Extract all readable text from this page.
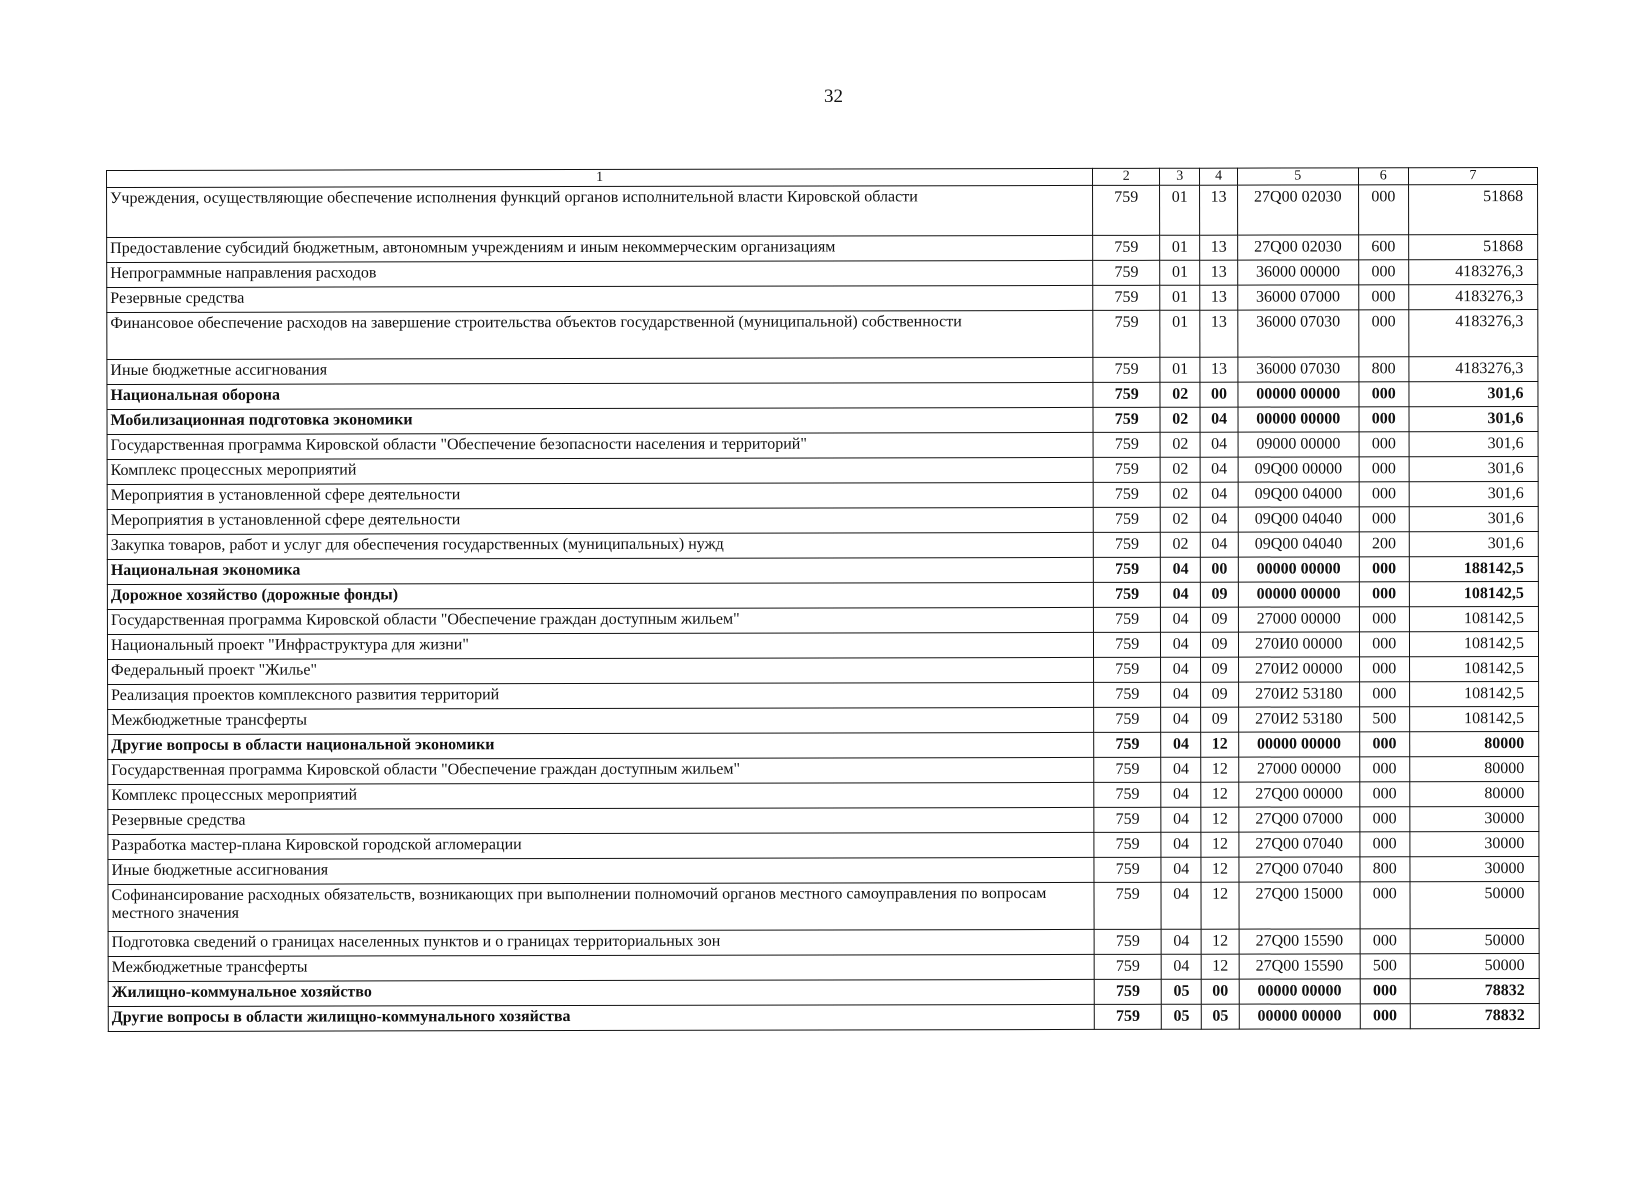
32
1	2	3	4	5	6	7
Учреждения, осуществляющие обеспечение исполнения функций органов исполнительной власти Кировской области	759	01	13	27Q00 02030	000	51868
Предоставление субсидий бюджетным, автономным учреждениям и иным некоммерческим организациям	759	01	13	27Q00 02030	600	51868
Непрограммные направления расходов	759	01	13	36000 00000	000	4183276,3
Резервные средства	759	01	13	36000 07000	000	4183276,3
Финансовое обеспечение расходов на завершение строительства объектов государственной (муниципальной) собственности	759	01	13	36000 07030	000	4183276,3
Иные бюджетные ассигнования	759	01	13	36000 07030	800	4183276,3
Национальная оборона	759	02	00	00000 00000	000	301,6
Мобилизационная подготовка экономики	759	02	04	00000 00000	000	301,6
Государственная программа Кировской области "Обеспечение безопасности населения и территорий"	759	02	04	09000 00000	000	301,6
Комплекс процессных мероприятий	759	02	04	09Q00 00000	000	301,6
Мероприятия в установленной сфере деятельности	759	02	04	09Q00 04000	000	301,6
Мероприятия в установленной сфере деятельности	759	02	04	09Q00 04040	000	301,6
Закупка товаров, работ и услуг для обеспечения государственных (муниципальных) нужд	759	02	04	09Q00 04040	200	301,6
Национальная экономика	759	04	00	00000 00000	000	188142,5
Дорожное хозяйство (дорожные фонды)	759	04	09	00000 00000	000	108142,5
Государственная программа Кировской области "Обеспечение граждан доступным жильем"	759	04	09	27000 00000	000	108142,5
Национальный проект "Инфраструктура для жизни"	759	04	09	270И0 00000	000	108142,5
Федеральный проект "Жилье"	759	04	09	270И2 00000	000	108142,5
Реализация проектов комплексного развития территорий	759	04	09	270И2 53180	000	108142,5
Межбюджетные трансферты	759	04	09	270И2 53180	500	108142,5
Другие вопросы в области национальной экономики	759	04	12	00000 00000	000	80000
Государственная программа Кировской области "Обеспечение граждан доступным жильем"	759	04	12	27000 00000	000	80000
Комплекс процессных мероприятий	759	04	12	27Q00 00000	000	80000
Резервные средства	759	04	12	27Q00 07000	000	30000
Разработка мастер-плана Кировской городской агломерации	759	04	12	27Q00 07040	000	30000
Иные бюджетные ассигнования	759	04	12	27Q00 07040	800	30000
Софинансирование расходных обязательств, возникающих при выполнении полномочий органов местного самоуправления по вопросам местного значения	759	04	12	27Q00 15000	000	50000
Подготовка сведений о границах населенных пунктов и о границах территориальных зон	759	04	12	27Q00 15590	000	50000
Межбюджетные трансферты	759	04	12	27Q00 15590	500	50000
Жилищно-коммунальное хозяйство	759	05	00	00000 00000	000	78832
Другие вопросы в области жилищно-коммунального хозяйства	759	05	05	00000 00000	000	78832
